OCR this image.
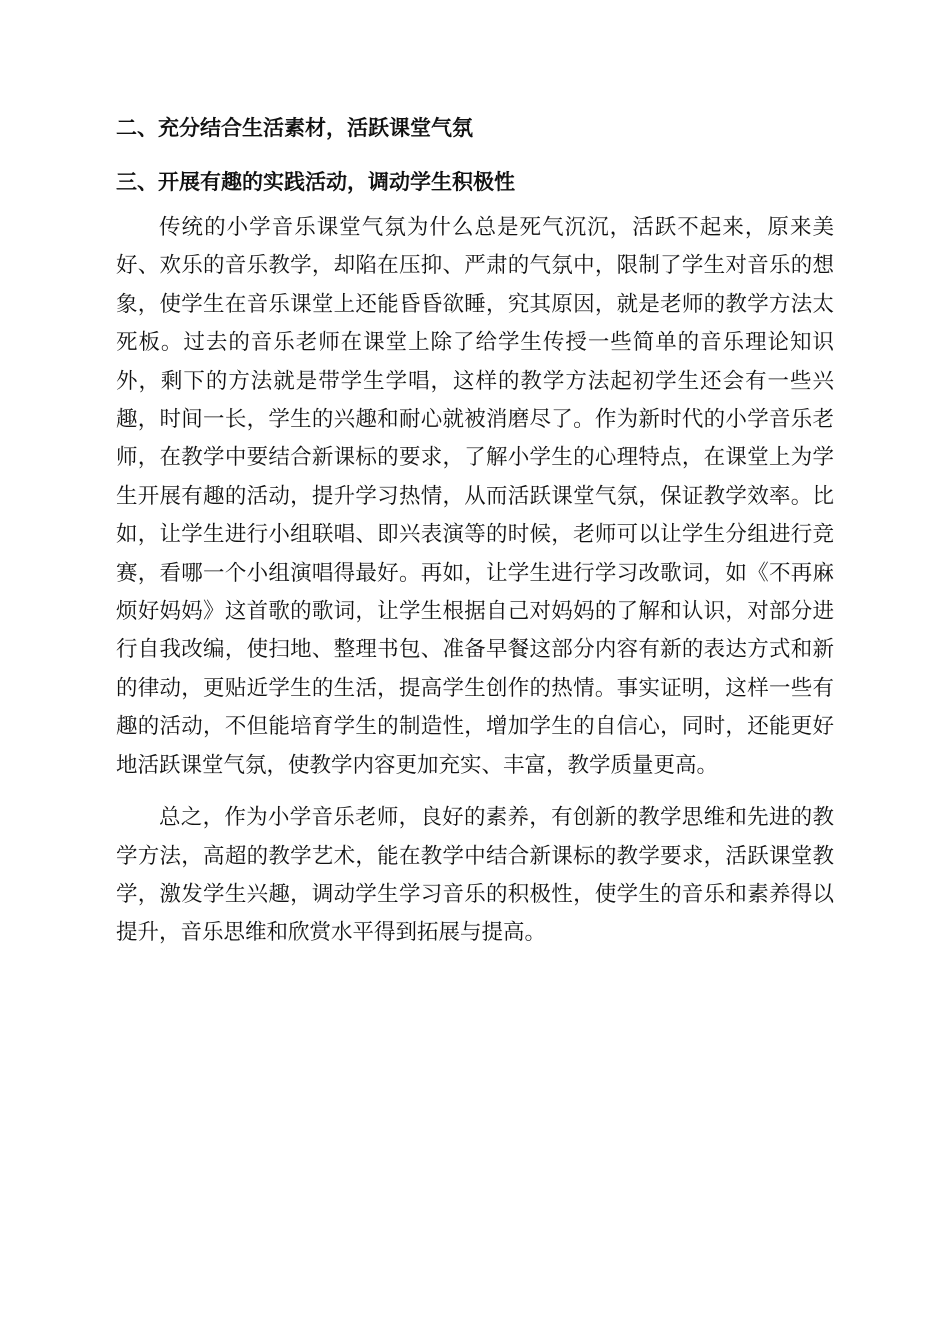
二、充分结合生活素材，活跃课堂气氛
三、开展有趣的实践活动，调动学生积极性

传统的小学音乐课堂气氛为什么总是死气沉沉，活跃不起来，原来美好、欢乐的音乐教学，却陷在压抑、严肃的气氛中，限制了学生对音乐的想象，使学生在音乐课堂上还能昏昏欲睡，究其原因，就是老师的教学方法太死板。过去的音乐老师在课堂上除了给学生传授一些简单的音乐理论知识外，剩下的方法就是带学生学唱，这样的教学方法起初学生还会有一些兴趣，时间一长，学生的兴趣和耐心就被消磨尽了。作为新时代的小学音乐老师，在教学中要结合新课标的要求，了解小学生的心理特点，在课堂上为学生开展有趣的活动，提升学习热情，从而活跃课堂气氛，保证教学效率。比如，让学生进行小组联唱、即兴表演等的时候，老师可以让学生分组进行竞赛，看哪一个小组演唱得最好。再如，让学生进行学习改歌词，如《不再麻烦好妈妈》这首歌的歌词，让学生根据自己对妈妈的了解和认识，对部分进行自我改编，使扫地、整理书包、准备早餐这部分内容有新的表达方式和新的律动，更贴近学生的生活，提高学生创作的热情。事实证明，这样一些有趣的活动，不但能培育学生的制造性，增加学生的自信心，同时，还能更好地活跃课堂气氛，使教学内容更加充实、丰富，教学质量更高。

总之，作为小学音乐老师，良好的素养，有创新的教学思维和先进的教学方法，高超的教学艺术，能在教学中结合新课标的教学要求，活跃课堂教学，激发学生兴趣，调动学生学习音乐的积极性，使学生的音乐和素养得以提升，音乐思维和欣赏水平得到拓展与提高。
